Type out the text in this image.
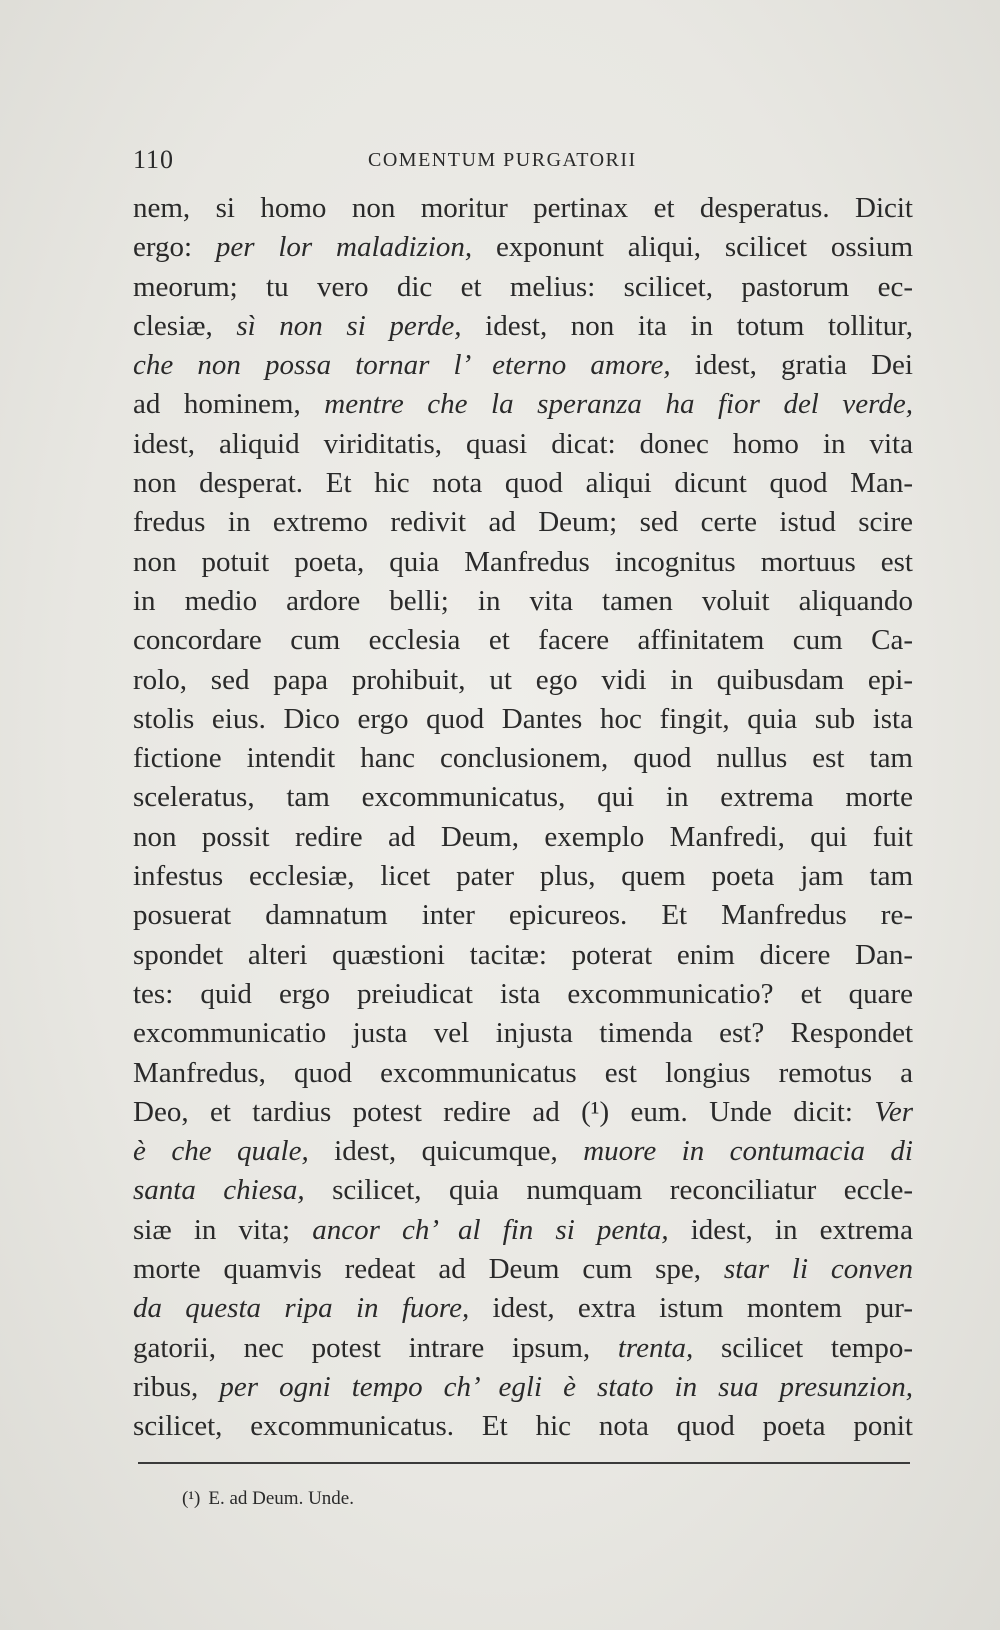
110	COMENTUM PURGATORII
nem, si homo non moritur pertinax et desperatus. Dicit
ergo: per lor maladizion, exponunt aliqui, scilicet ossium
meorum; tu vero dic et melius: scilicet, pastorum ec-
clesiæ, sì non si perde, idest, non ita in totum tollitur,
che non possa tornar l’ eterno amore, idest, gratia Dei
ad hominem, mentre che la speranza ha fior del verde,
idest, aliquid viriditatis, quasi dicat: donec homo in vita
non desperat. Et hic nota quod aliqui dicunt quod Man-
fredus in extremo redivit ad Deum; sed certe istud scire
non potuit poeta, quia Manfredus incognitus mortuus est
in medio ardore belli; in vita tamen voluit aliquando
concordare cum ecclesia et facere affinitatem cum Ca-
rolo, sed papa prohibuit, ut ego vidi in quibusdam epi-
stolis eius. Dico ergo quod Dantes hoc fingit, quia sub ista
fictione intendit hanc conclusionem, quod nullus est tam
sceleratus, tam excommunicatus, qui in extrema morte
non possit redire ad Deum, exemplo Manfredi, qui fuit
infestus ecclesiæ, licet pater plus, quem poeta jam tam
posuerat damnatum inter epicureos. Et Manfredus re-
spondet alteri quæstioni tacitæ: poterat enim dicere Dan-
tes: quid ergo preiudicat ista excommunicatio? et quare
excommunicatio justa vel injusta timenda est? Respondet
Manfredus, quod excommunicatus est longius remotus a
Deo, et tardius potest redire ad (¹) eum. Unde dicit: Ver
è che quale, idest, quicumque, muore in contumacia di
santa chiesa, scilicet, quia numquam reconciliatur eccle-
siæ in vita; ancor ch’ al fin si penta, idest, in extrema
morte quamvis redeat ad Deum cum spe, star li conven
da questa ripa in fuore, idest, extra istum montem pur-
gatorii, nec potest intrare ipsum, trenta, scilicet tempo-
ribus, per ogni tempo ch’ egli è stato in sua presunzion,
scilicet, excommunicatus. Et hic nota quod poeta ponit
(¹) E. ad Deum. Unde.
